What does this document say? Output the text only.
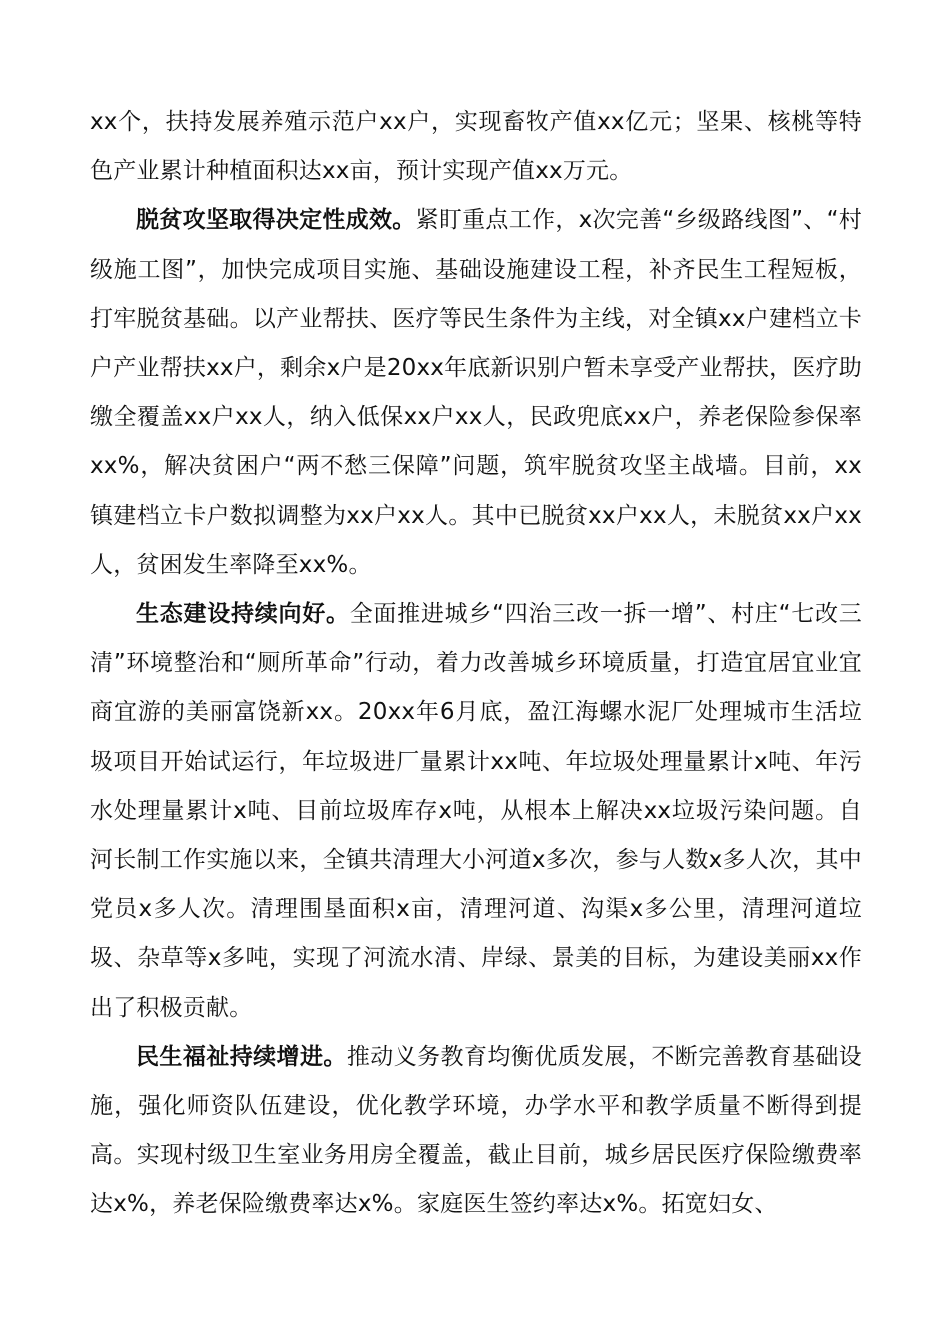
xx个，扶持发展养殖示范户xx户，实现畜牧产值xx亿元；坚果、核桃等特色产业累计种植面积达xx亩，预计实现产值xx万元。

脱贫攻坚取得决定性成效。紧盯重点工作，x次完善“乡级路线图”、“村级施工图”，加快完成项目实施、基础设施建设工程，补齐民生工程短板，打牢脱贫基础。以产业帮扶、医疗等民生条件为主线，对全镇xx户建档立卡户产业帮扶xx户，剩余x户是20xx年底新识别户暂未享受产业帮扶，医疗助缴全覆盖xx户xx人，纳入低保xx户xx人，民政兜底xx户，养老保险参保率xx%，解决贫困户“两不愁三保障”问题，筑牢脱贫攻坚主战墙。目前，xx镇建档立卡户数拟调整为xx户xx人。其中已脱贫xx户xx人，未脱贫xx户xx人，贫困发生率降至xx%。

生态建设持续向好。全面推进城乡“四治三改一拆一增”、村庄“七改三清”环境整治和“厕所革命”行动，着力改善城乡环境质量，打造宜居宜业宜商宜游的美丽富饶新xx。20xx年6月底，盈江海螺水泥厂处理城市生活垃圾项目开始试运行，年垃圾进厂量累计xx吨、年垃圾处理量累计x吨、年污水处理量累计x吨、目前垃圾库存x吨，从根本上解决xx垃圾污染问题。自河长制工作实施以来，全镇共清理大小河道x多次，参与人数x多人次，其中党员x多人次。清理围垦面积x亩，清理河道、沟渠x多公里，清理河道垃圾、杂草等x多吨，实现了河流水清、岸绿、景美的目标，为建设美丽xx作出了积极贡献。

民生福祉持续增进。推动义务教育均衡优质发展，不断完善教育基础设施，强化师资队伍建设，优化教学环境，办学水平和教学质量不断得到提高。实现村级卫生室业务用房全覆盖，截止目前，城乡居民医疗保险缴费率达x%，养老保险缴费率达x%。家庭医生签约率达x%。拓宽妇女、
